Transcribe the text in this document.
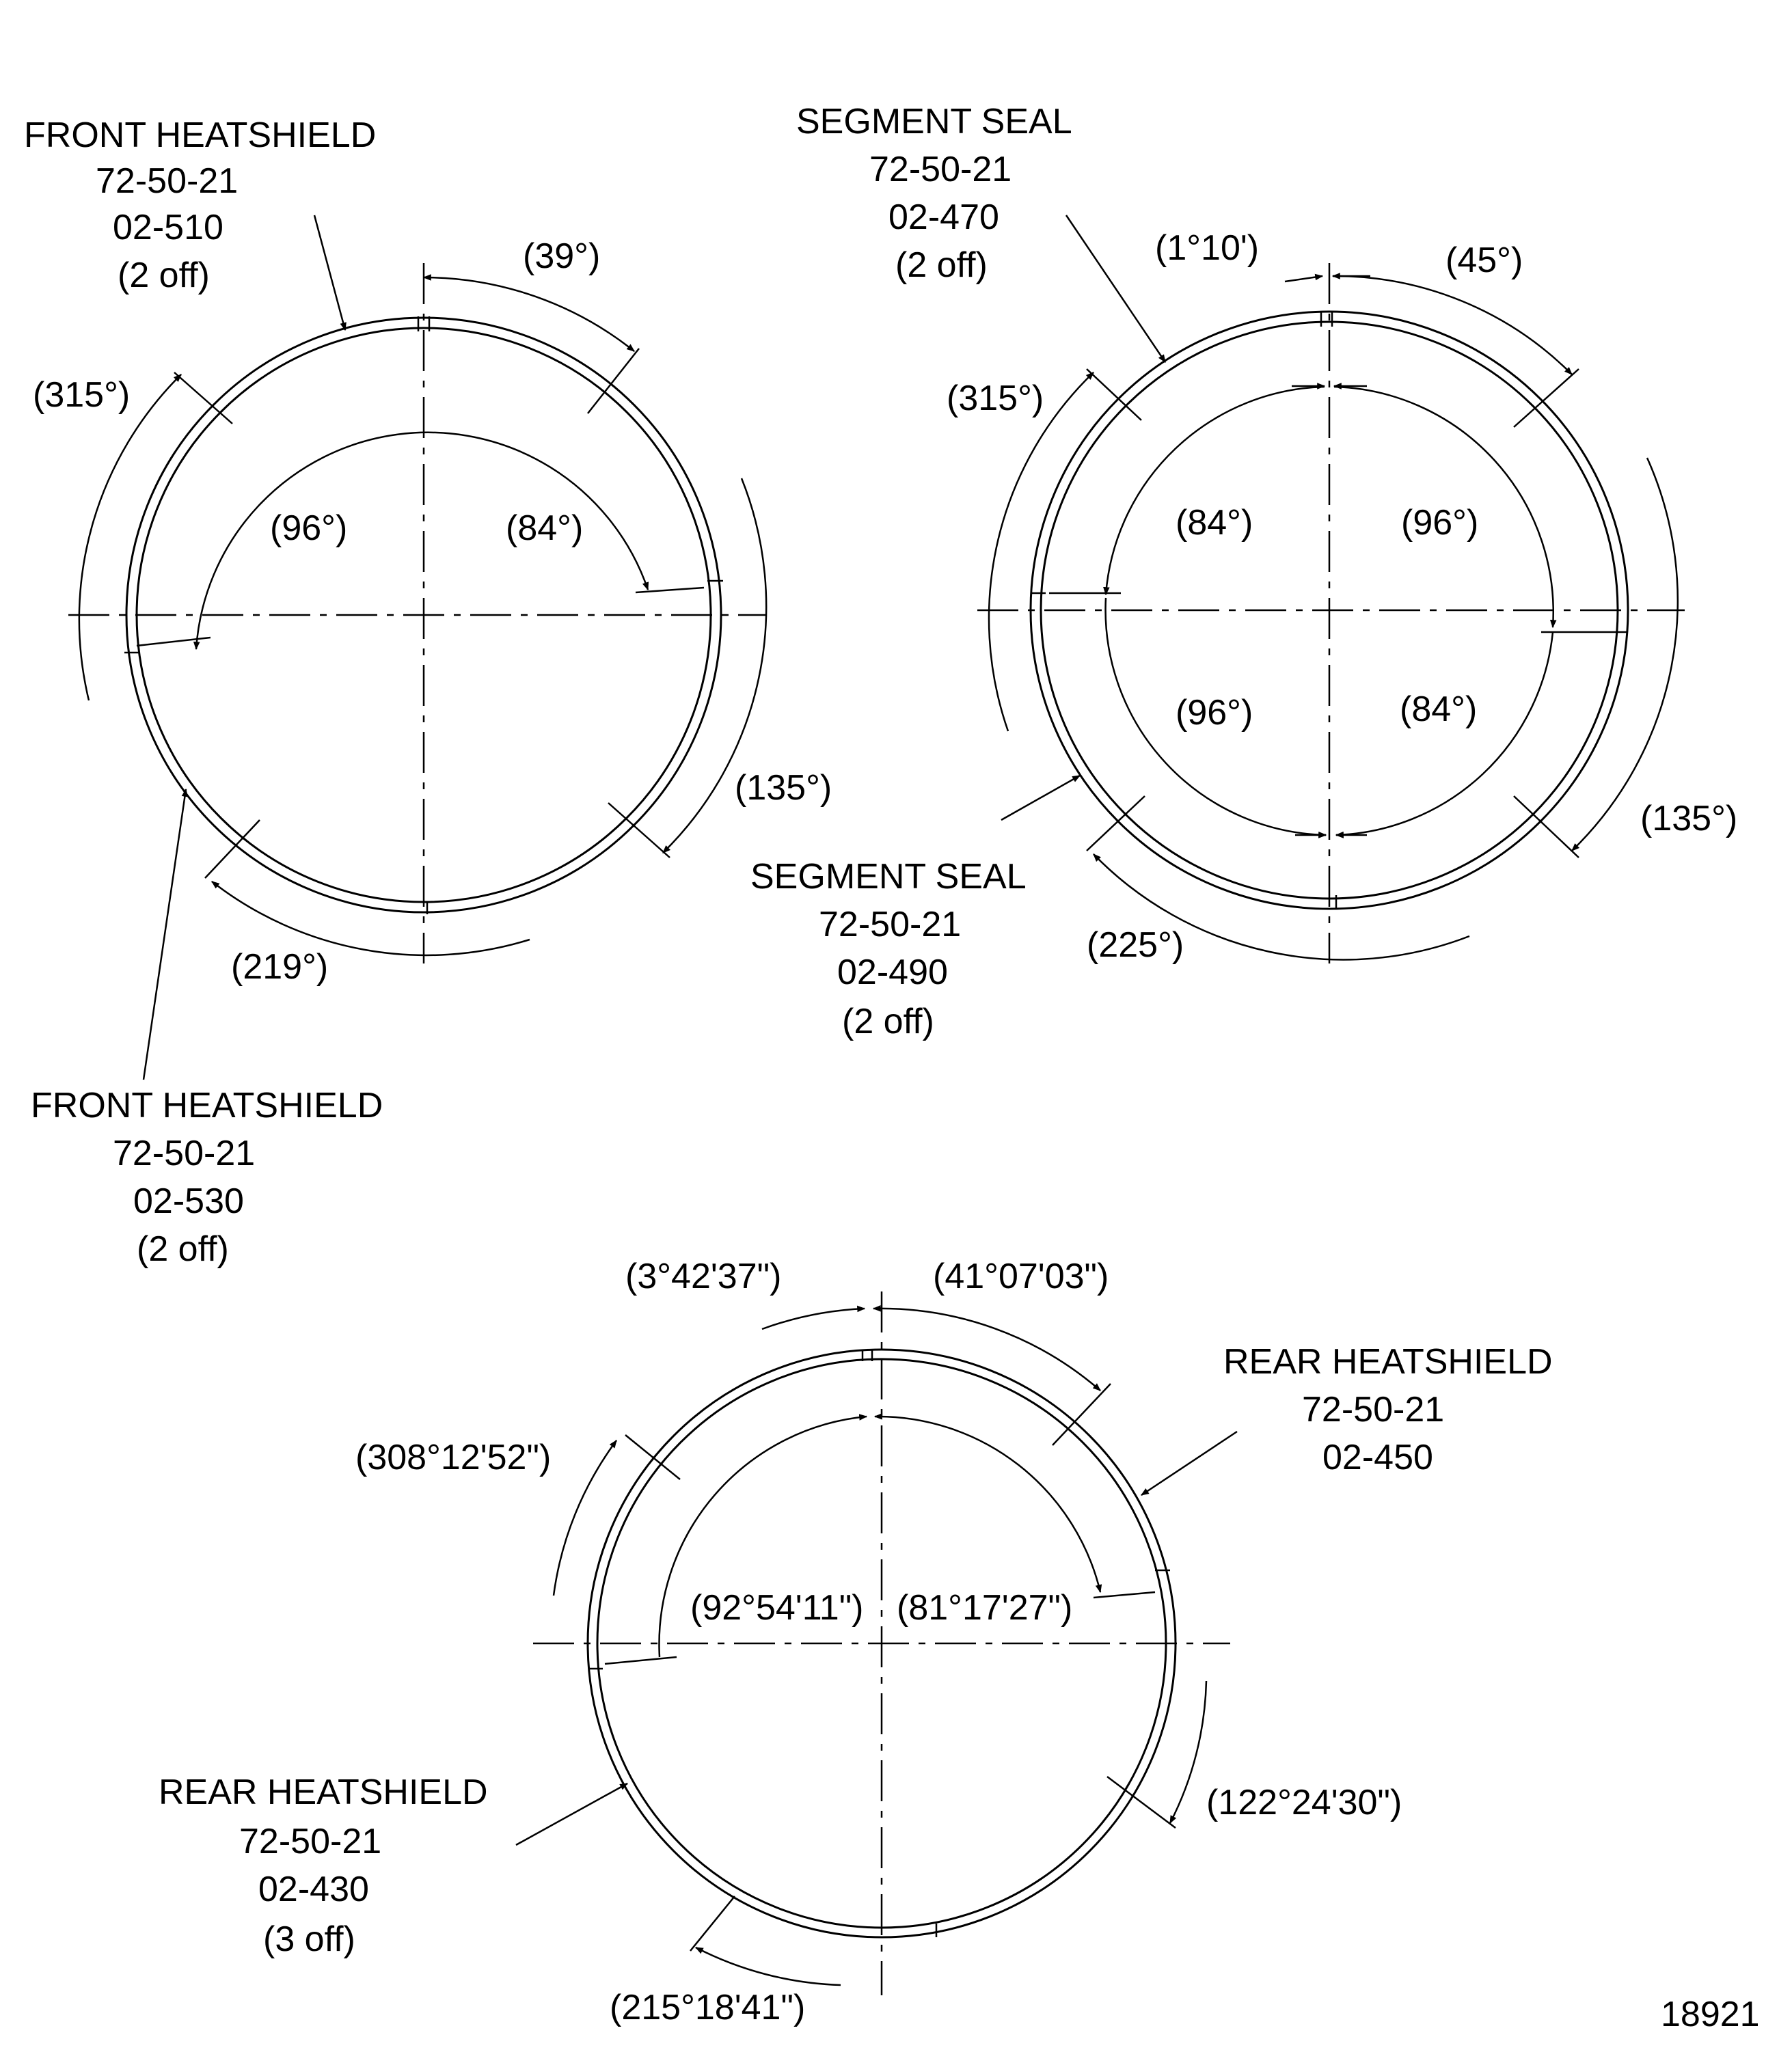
(39°)
(315°)
(96°)	(84°)
(135°)
(219°)
FRONT HEATSHIELD
72-50-21
02-510
(2 off)
FRONT HEATSHIELD
72-50-21
02-530
(2 off)
(1°10')	(45°)
(315°)
(84°)	(96°)
(96°)	(84°)
(135°)
(225°)
SEGMENT SEAL
72-50-21
02-470
(2 off)
SEGMENT SEAL
72-50-21
02-490
(2 off)
(3°42'37")	(41°07'03")
(308°12'52")
(92°54'11") (81°17'27")
(122°24'30")
(215°18'41")
REAR HEATSHIELD
72-50-21
02-450
REAR HEATSHIELD
72-50-21
02-430
(3 off)
18921
